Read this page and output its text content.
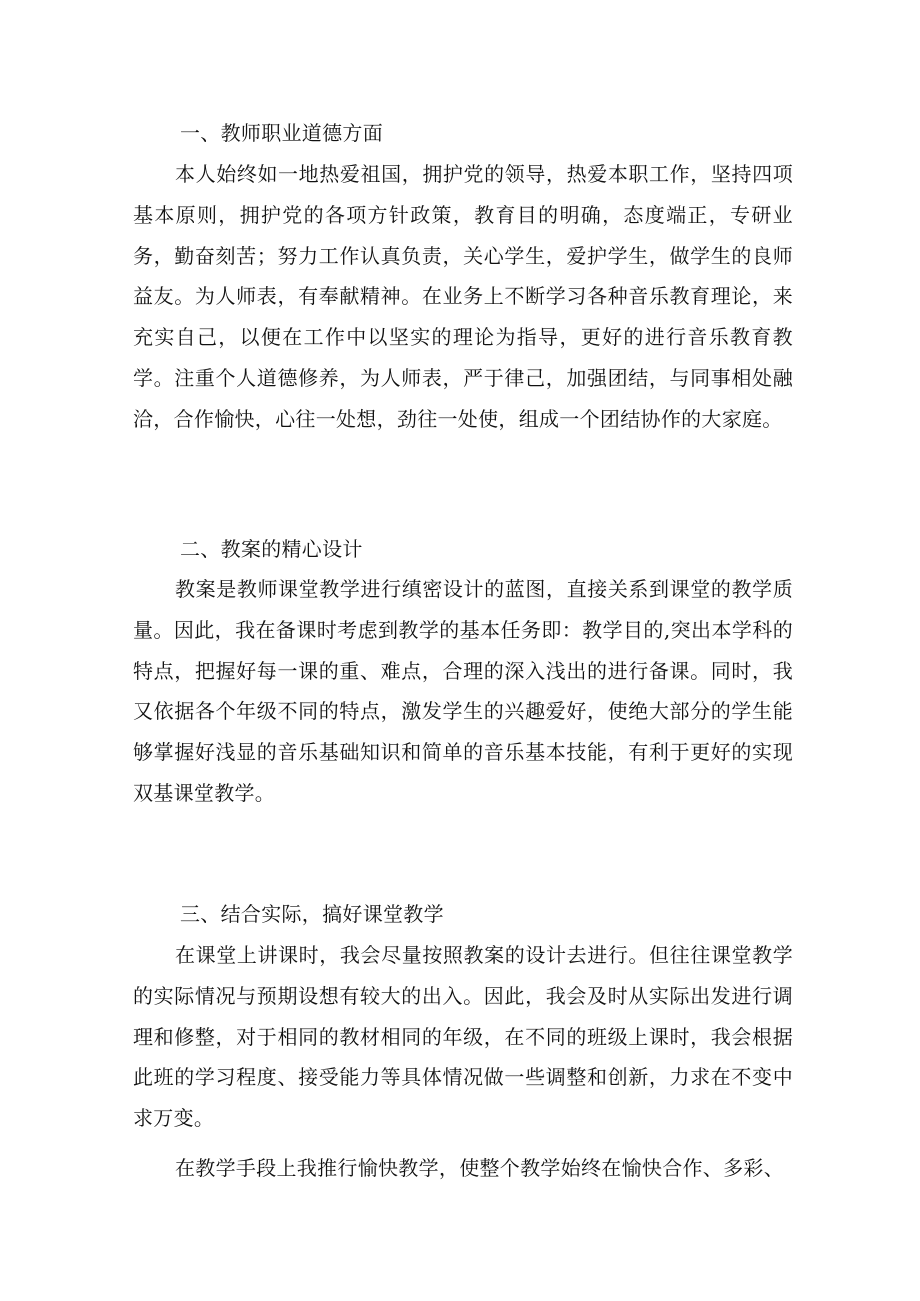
一、教师职业道德方面
本人始终如一地热爱祖国，拥护党的领导，热爱本职工作，坚持四项基本原则，拥护党的各项方针政策，教育目的明确，态度端正，专研业务，勤奋刻苦；努力工作认真负责，关心学生，爱护学生，做学生的良师益友。为人师表，有奉献精神。在业务上不断学习各种音乐教育理论，来充实自己，以便在工作中以坚实的理论为指导，更好的进行音乐教育教学。注重个人道德修养，为人师表，严于律己，加强团结，与同事相处融洽，合作愉快，心往一处想，劲往一处使，组成一个团结协作的大家庭。
二、教案的精心设计
教案是教师课堂教学进行缜密设计的蓝图，直接关系到课堂的教学质量。因此，我在备课时考虑到教学的基本任务即：教学目的,突出本学科的特点，把握好每一课的重、难点，合理的深入浅出的进行备课。同时，我又依据各个年级不同的特点，激发学生的兴趣爱好，使绝大部分的学生能够掌握好浅显的音乐基础知识和简单的音乐基本技能，有利于更好的实现双基课堂教学。
三、结合实际，搞好课堂教学
在课堂上讲课时，我会尽量按照教案的设计去进行。但往往课堂教学的实际情况与预期设想有较大的出入。因此，我会及时从实际出发进行调理和修整，对于相同的教材相同的年级，在不同的班级上课时，我会根据此班的学习程度、接受能力等具体情况做一些调整和创新，力求在不变中求万变。
在教学手段上我推行愉快教学，使整个教学始终在愉快合作、多彩、
